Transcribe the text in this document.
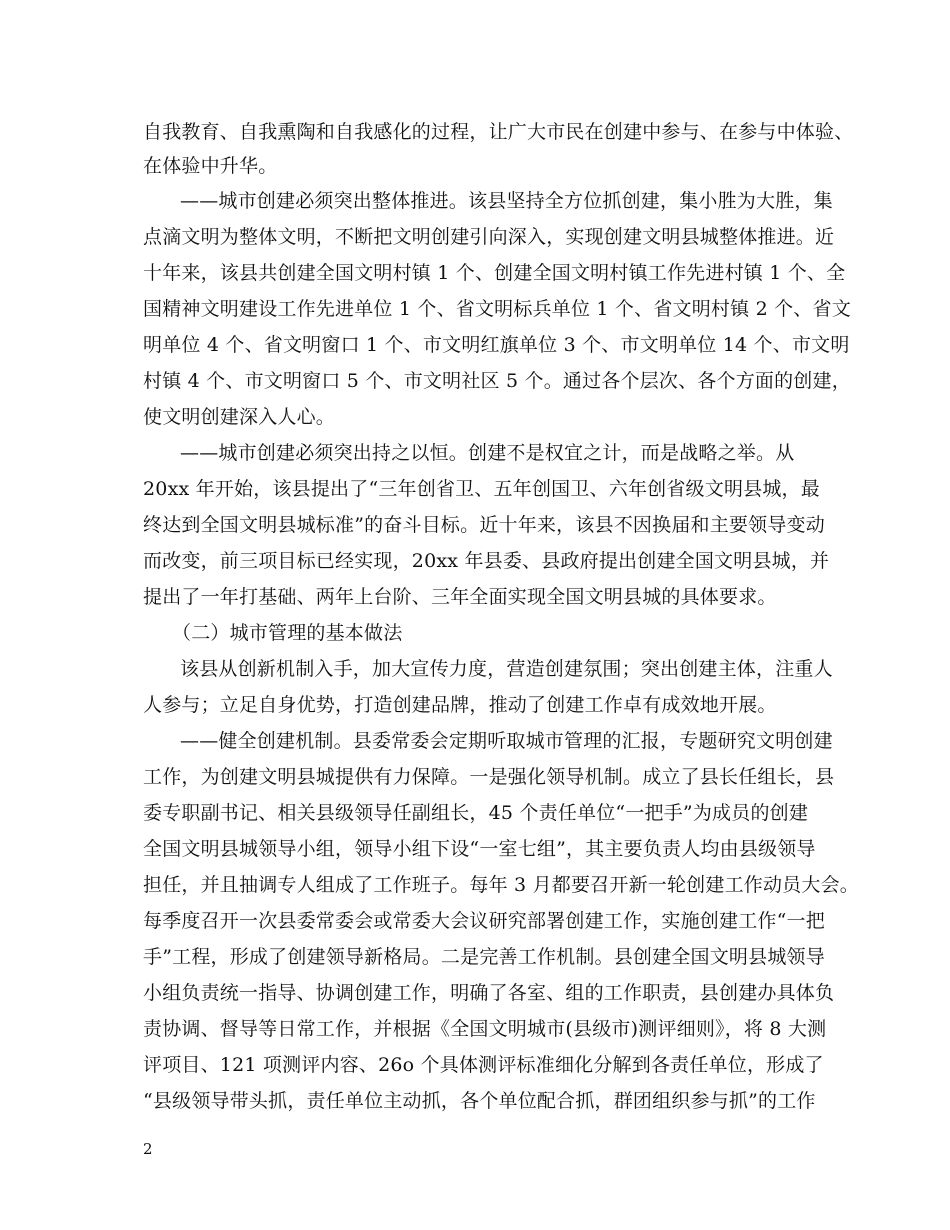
自我教育、自我熏陶和自我感化的过程，让广大市民在创建中参与、在参与中体验、
在体验中升华。
——城市创建必须突出整体推进。该县坚持全方位抓创建，集小胜为大胜，集
点滴文明为整体文明，不断把文明创建引向深入，实现创建文明县城整体推进。近
十年来，该县共创建全国文明村镇 1 个、创建全国文明村镇工作先进村镇 1 个、全
国精神文明建设工作先进单位 1 个、省文明标兵单位 1 个、省文明村镇 2 个、省文
明单位 4 个、省文明窗口 1 个、市文明红旗单位 3 个、市文明单位 14 个、市文明
村镇 4 个、市文明窗口 5 个、市文明社区 5 个。通过各个层次、各个方面的创建，
使文明创建深入人心。
——城市创建必须突出持之以恒。创建不是权宜之计，而是战略之举。从
20xx 年开始，该县提出了“三年创省卫、五年创国卫、六年创省级文明县城，最
终达到全国文明县城标准”的奋斗目标。近十年来，该县不因换届和主要领导变动
而改变，前三项目标已经实现，20xx 年县委、县政府提出创建全国文明县城，并
提出了一年打基础、两年上台阶、三年全面实现全国文明县城的具体要求。
（二）城市管理的基本做法
该县从创新机制入手，加大宣传力度，营造创建氛围；突出创建主体，注重人
人参与；立足自身优势，打造创建品牌，推动了创建工作卓有成效地开展。
——健全创建机制。县委常委会定期听取城市管理的汇报，专题研究文明创建
工作，为创建文明县城提供有力保障。一是强化领导机制。成立了县长任组长，县
委专职副书记、相关县级领导任副组长，45 个责任单位“一把手”为成员的创建
全国文明县城领导小组，领导小组下设“一室七组”，其主要负责人均由县级领导
担任，并且抽调专人组成了工作班子。每年 3 月都要召开新一轮创建工作动员大会。
每季度召开一次县委常委会或常委大会议研究部署创建工作，实施创建工作“一把
手”工程，形成了创建领导新格局。二是完善工作机制。县创建全国文明县城领导
小组负责统一指导、协调创建工作，明确了各室、组的工作职责，县创建办具体负
责协调、督导等日常工作，并根据《全国文明城市(县级市)测评细则》，将 8 大测
评项目、121 项测评内容、26o 个具体测评标准细化分解到各责任单位，形成了
“县级领导带头抓，责任单位主动抓，各个单位配合抓，群团组织参与抓”的工作
2
